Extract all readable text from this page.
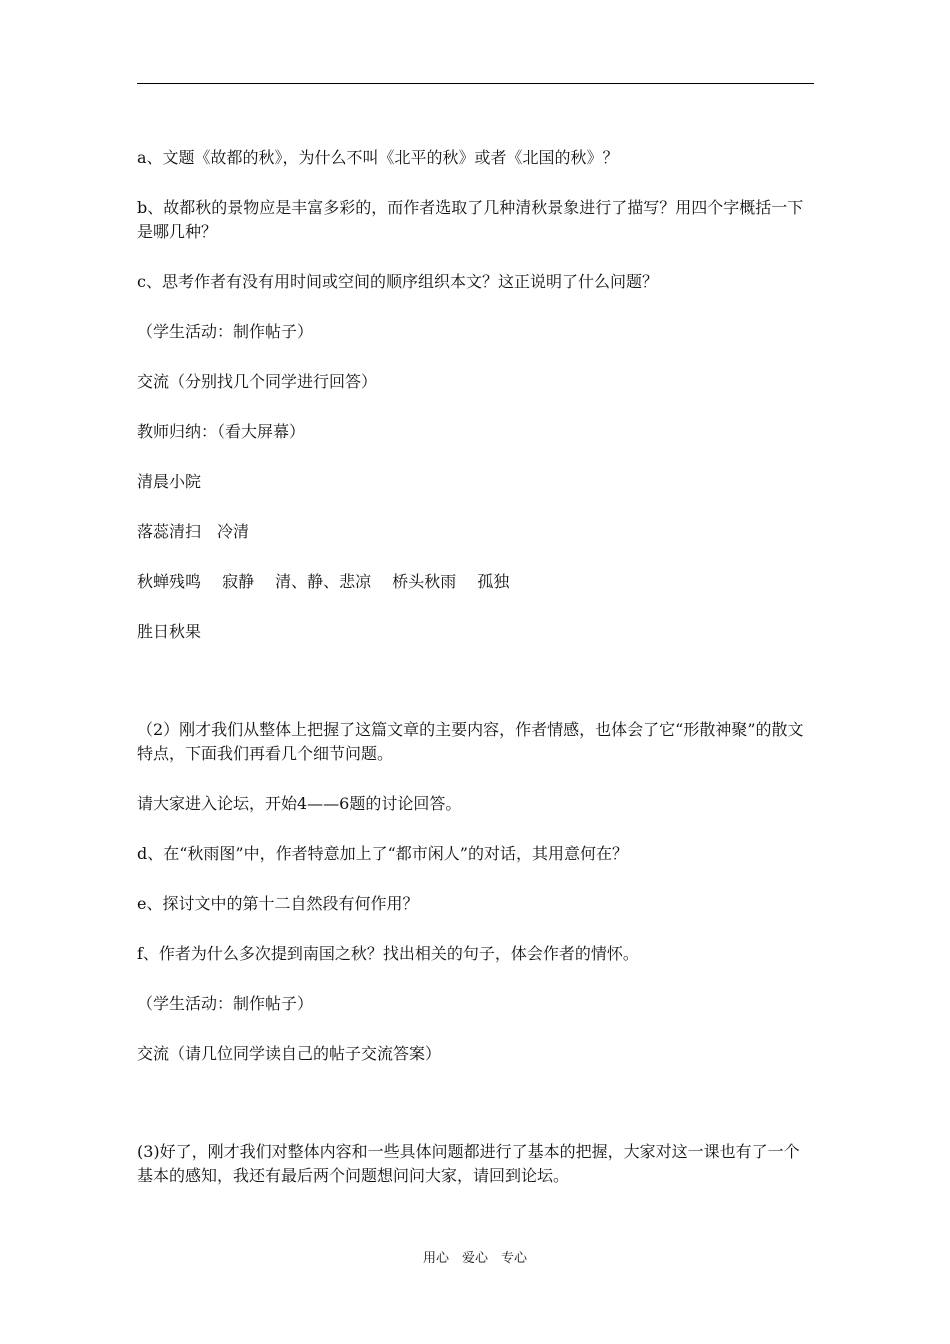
a、文题《故都的秋》，为什么不叫《北平的秋》或者《北国的秋》？

b、故都秋的景物应是丰富多彩的，而作者选取了几种清秋景象进行了描写？用四个字概括一下是哪几种？

c、思考作者有没有用时间或空间的顺序组织本文？这正说明了什么问题？

（学生活动：制作帖子）

交流（分别找几个同学进行回答）

教师归纳：（看大屏幕）

清晨小院

落蕊清扫　冷清

秋蝉残鸣　 寂静 　清、静、悲凉　 桥头秋雨　 孤独

胜日秋果

（2）刚才我们从整体上把握了这篇文章的主要内容，作者情感，也体会了它“形散神聚”的散文特点，下面我们再看几个细节问题。

请大家进入论坛，开始4——6题的讨论回答。

d、在“秋雨图”中，作者特意加上了“都市闲人”的对话，其用意何在？

e、探讨文中的第十二自然段有何作用？

f、作者为什么多次提到南国之秋？找出相关的句子，体会作者的情怀。

（学生活动：制作帖子）

交流（请几位同学读自己的帖子交流答案）

(3)好了，刚才我们对整体内容和一些具体问题都进行了基本的把握，大家对这一课也有了一个基本的感知，我还有最后两个问题想问问大家，请回到论坛。

用心　爱心　专心
